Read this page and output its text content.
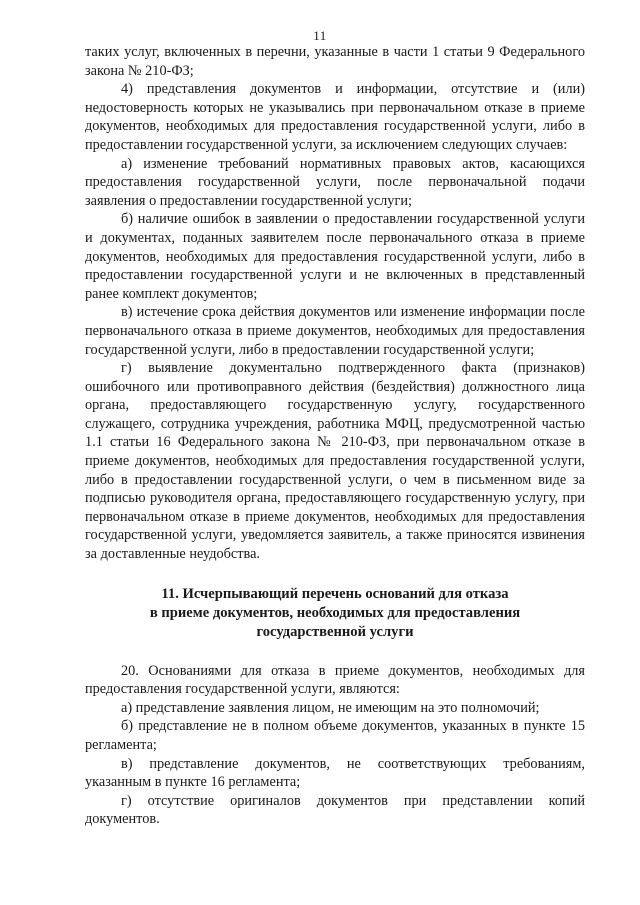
11

таких услуг, включенных в перечни, указанные в части 1 статьи 9 Федерального закона № 210-ФЗ;

4) представления документов и информации, отсутствие и (или) недостоверность которых не указывались при первоначальном отказе в приеме документов, необходимых для предоставления государственной услуги, либо в предоставлении государственной услуги, за исключением следующих случаев:

а) изменение требований нормативных правовых актов, касающихся предоставления государственной услуги, после первоначальной подачи заявления о предоставлении государственной услуги;

б) наличие ошибок в заявлении о предоставлении государственной услуги и документах, поданных заявителем после первоначального отказа в приеме документов, необходимых для предоставления государственной услуги, либо в предоставлении государственной услуги и не включенных в представленный ранее комплект документов;

в) истечение срока действия документов или изменение информации после первоначального отказа в приеме документов, необходимых для предоставления государственной услуги, либо в предоставлении государственной услуги;

г) выявление документально подтвержденного факта (признаков) ошибочного или противоправного действия (бездействия) должностного лица органа, предоставляющего государственную услугу, государственного служащего, сотрудника учреждения, работника МФЦ, предусмотренной частью 1.1 статьи 16 Федерального закона № 210-ФЗ, при первоначальном отказе в приеме документов, необходимых для предоставления государственной услуги, либо в предоставлении государственной услуги, о чем в письменном виде за подписью руководителя органа, предоставляющего государственную услугу, при первоначальном отказе в приеме документов, необходимых для предоставления государственной услуги, уведомляется заявитель, а также приносятся извинения за доставленные неудобства.

11. Исчерпывающий перечень оснований для отказа
в приеме документов, необходимых для предоставления
государственной услуги

20. Основаниями для отказа в приеме документов, необходимых для предоставления государственной услуги, являются:

а) представление заявления лицом, не имеющим на это полномочий;

б) представление не в полном объеме документов, указанных в пункте 15 регламента;

в) представление документов, не соответствующих требованиям, указанным в пункте 16 регламента;

г) отсутствие оригиналов документов при представлении копий документов.
